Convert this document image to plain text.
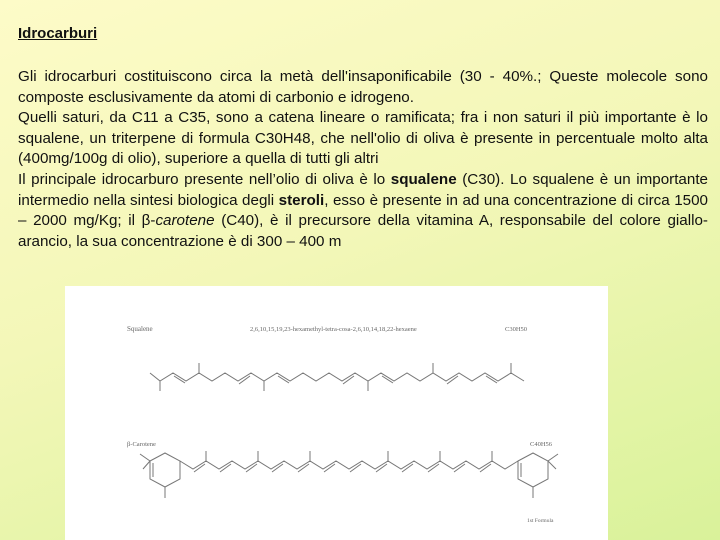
Idrocarburi

Gli idrocarburi costituiscono circa la metà dell'insaponificabile (30 - 40%.; Queste molecole sono composte esclusivamente da atomi di carbonio e idrogeno.

Quelli saturi, da C11 a C35, sono a catena lineare o ramificata; fra i non saturi il più importante è lo squalene, un triterpene di formula C30H48, che nell'olio di oliva è presente in percentuale molto alta (400mg/100g di olio), superiore a quella di tutti gli altri

Il principale idrocarburo presente nell’olio di oliva è lo squalene (C30). Lo squalene è un importante intermedio nella sintesi biologica degli steroli, esso è presente in ad una concentrazione di circa 1500 – 2000 mg/Kg; il β-carotene (C40), è il precursore della vitamina A, responsabile del colore giallo-arancio, la sua concentrazione è di 300 – 400 m

Squalene	2,6,10,15,19,23-hexamethyl-tetra-cosa-2,6,10,14,18,22-hexaene	C30H50
β-Carotene	C40H56
1st Formula
